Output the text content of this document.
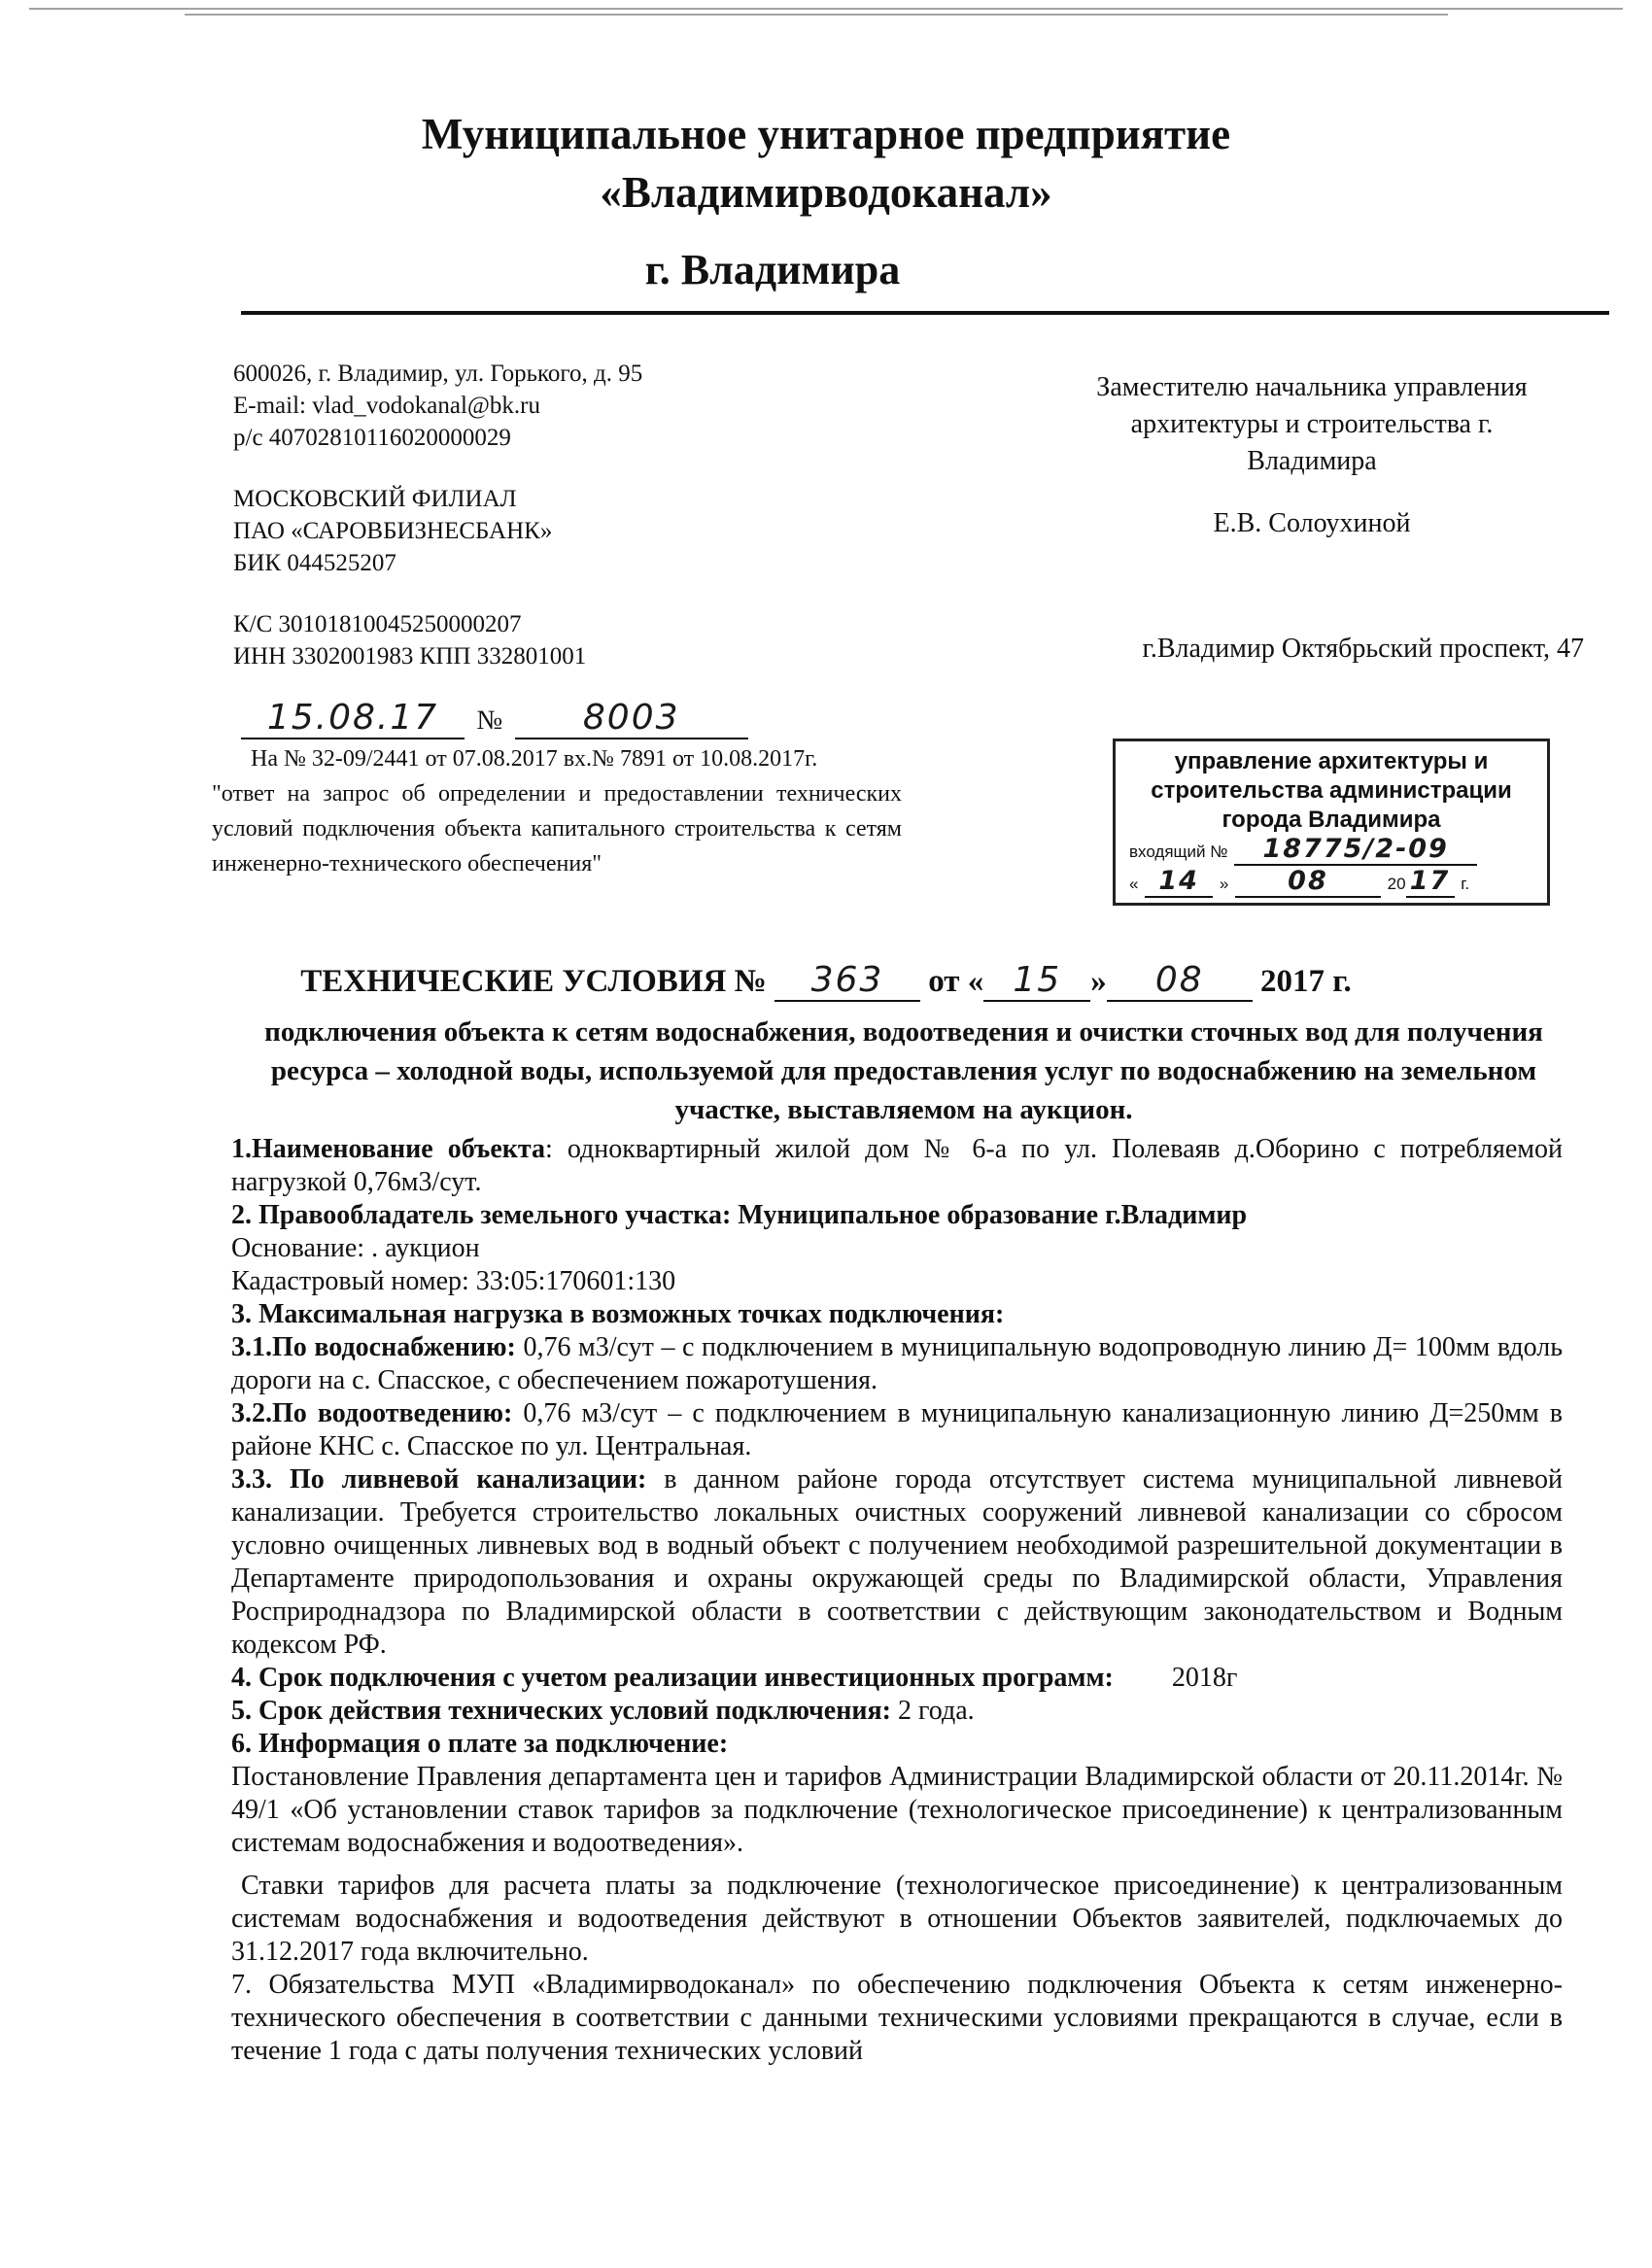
Муниципальное унитарное предприятие
«Владимирводоканал»
г. Владимира

600026, г. Владимир, ул. Горького, д. 95

E-mail: vlad_vodokanal@bk.ru

р/с 40702810116020000029

МОСКОВСКИЙ ФИЛИАЛ

ПАО «САРОВБИЗНЕСБАНК»

БИК 044525207

К/С 30101810045250000207

ИНН 3302001983 КПП 332801001

Заместителю начальника управления

архитектуры и строительства г.

Владимира

Е.В. Солоухиной

г.Владимир Октябрьский проспект, 47
15.08.17 № 8003

На № 32-09/2441 от 07.08.2017 вх.№ 7891 от 10.08.2017г.

"ответ на запрос об определении и предоставлении технических условий подключения объекта капитального строительства к сетям инженерно-технического обеспечения"

управление архитектуры и
строительства администрации
города Владимира
входящий № 18775/2-09
« 14 » 08	20 17 г.
ТЕХНИЧЕСКИЕ УСЛОВИЯ № 363 от « 15 » 08 2017 г.
подключения объекта к сетям водоснабжения, водоотведения и очистки сточных вод для получения ресурса – холодной воды, используемой для предоставления услуг по водоснабжению на земельном участке, выставляемом на аукцион.

1.Наименование объекта: одноквартирный жилой дом № 6-а по ул. Полеваяв д.Оборино с потребляемой нагрузкой 0,76м3/сут.

2. Правообладатель земельного участка: Муниципальное образование г.Владимир

Основание: . аукцион

Кадастровый номер: 33:05:170601:130

3. Максимальная нагрузка в возможных точках подключения:

3.1.По водоснабжению: 0,76 м3/сут – с подключением в муниципальную водопроводную линию Д= 100мм вдоль дороги на с. Спасское, с обеспечением пожаротушения.

3.2.По водоотведению: 0,76 м3/сут – с подключением в муниципальную канализационную линию Д=250мм в районе КНС с. Спасское по ул. Центральная.

3.3. По ливневой канализации: в данном районе города отсутствует система муниципальной ливневой канализации. Требуется строительство локальных очистных сооружений ливневой канализации со сбросом условно очищенных ливневых вод в водный объект с получением необходимой разрешительной документации в Департаменте природопользования и охраны окружающей среды по Владимирской области, Управления Росприроднадзора по Владимирской области в соответствии с действующим законодательством и Водным кодексом РФ.

4. Срок подключения с учетом реализации инвестиционных программ: 2018г

5. Срок действия технических условий подключения: 2 года.

6. Информация о плате за подключение:

Постановление Правления департамента цен и тарифов Администрации Владимирской области от 20.11.2014г. № 49/1 «Об установлении ставок тарифов за подключение (технологическое присоединение) к централизованным системам водоснабжения и водоотведения».

Ставки тарифов для расчета платы за подключение (технологическое присоединение) к централизованным системам водоснабжения и водоотведения действуют в отношении Объектов заявителей, подключаемых до 31.12.2017 года включительно.

7. Обязательства МУП «Владимирводоканал» по обеспечению подключения Объекта к сетям инженерно-технического обеспечения в соответствии с данными техническими условиями прекращаются в случае, если в течение 1 года с даты получения технических условий
